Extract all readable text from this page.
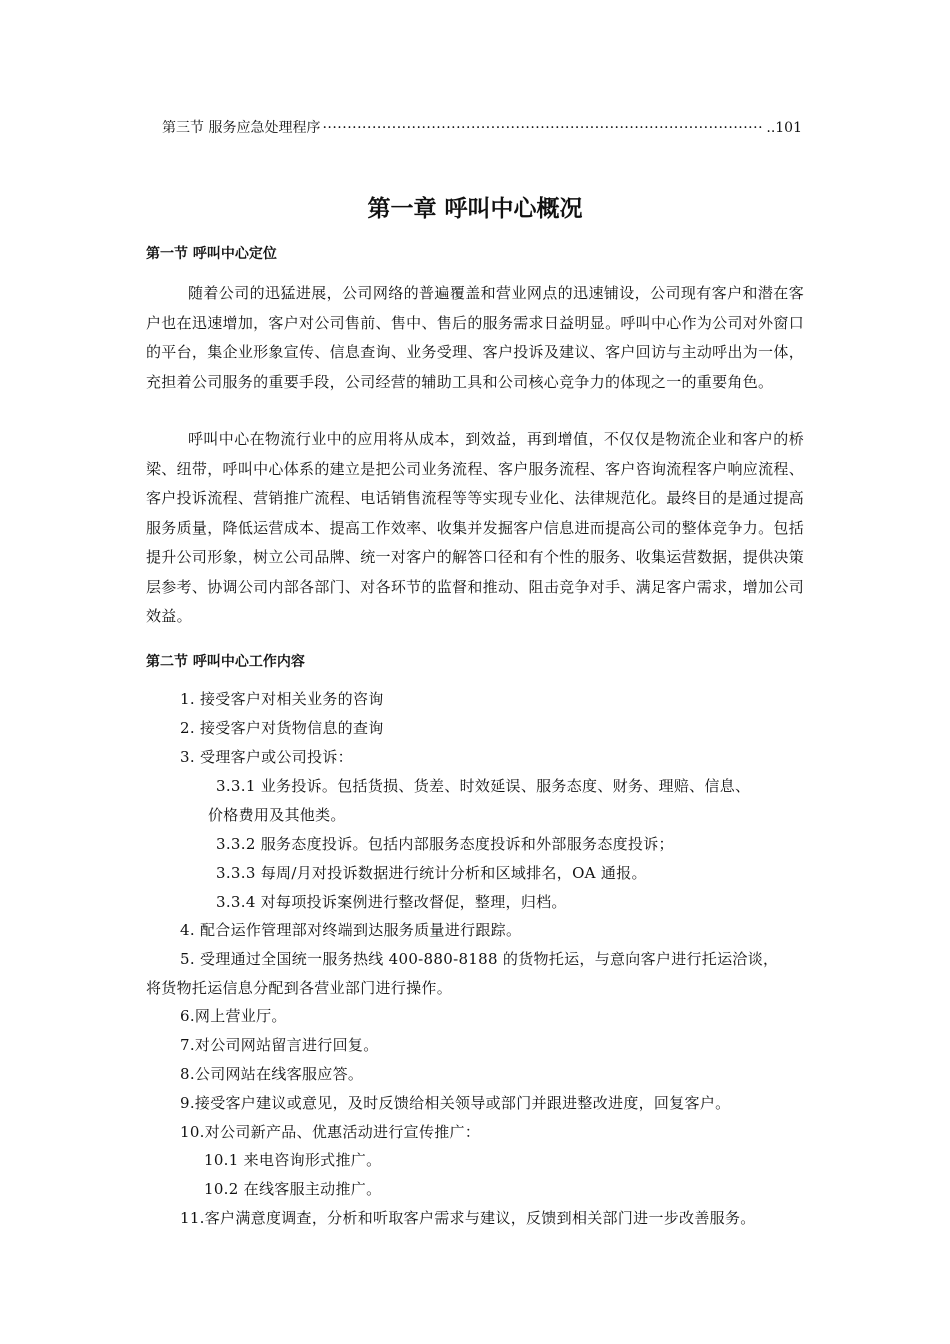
第三节 服务应急处理程序
·····	..101
第一章 呼叫中心概况
第一节 呼叫中心定位

随着公司的迅猛进展，公司网络的普遍覆盖和营业网点的迅速铺设，公司现有客户和潜在客户也在迅速增加，客户对公司售前、售中、售后的服务需求日益明显。呼叫中心作为公司对外窗口的平台，集企业形象宣传、信息查询、业务受理、客户投诉及建议、客户回访与主动呼出为一体，充担着公司服务的重要手段，公司经营的辅助工具和公司核心竞争力的体现之一的重要角色。

呼叫中心在物流行业中的应用将从成本，到效益，再到增值，不仅仅是物流企业和客户的桥梁、纽带，呼叫中心体系的建立是把公司业务流程、客户服务流程、客户咨询流程客户响应流程、客户投诉流程、营销推广流程、电话销售流程等等实现专业化、法律规范化。最终目的是通过提高服务质量，降低运营成本、提高工作效率、收集并发掘客户信息进而提高公司的整体竞争力。包括提升公司形象，树立公司品牌、统一对客户的解答口径和有个性的服务、收集运营数据，提供决策层参考、协调公司内部各部门、对各环节的监督和推动、阻击竞争对手、满足客户需求，增加公司效益。

第二节 呼叫中心工作内容
1. 接受客户对相关业务的咨询
2. 接受客户对货物信息的查询
3. 受理客户或公司投诉：
3.3.1 业务投诉。包括货损、货差、时效延误、服务态度、财务、理赔、信息、
价格费用及其他类。
3.3.2 服务态度投诉。包括内部服务态度投诉和外部服务态度投诉；
3.3.3 每周/月对投诉数据进行统计分析和区域排名，OA 通报。
3.3.4 对每项投诉案例进行整改督促，整理，归档。
4. 配合运作管理部对终端到达服务质量进行跟踪。
5. 受理通过全国统一服务热线 400-880-8188 的货物托运，与意向客户进行托运洽谈，
将货物托运信息分配到各营业部门进行操作。
6.网上营业厅。
7.对公司网站留言进行回复。
8.公司网站在线客服应答。
9.接受客户建议或意见，及时反馈给相关领导或部门并跟进整改进度，回复客户。
10.对公司新产品、优惠活动进行宣传推广：
10.1 来电咨询形式推广。
10.2 在线客服主动推广。
11.客户满意度调查，分析和听取客户需求与建议，反馈到相关部门进一步改善服务。
